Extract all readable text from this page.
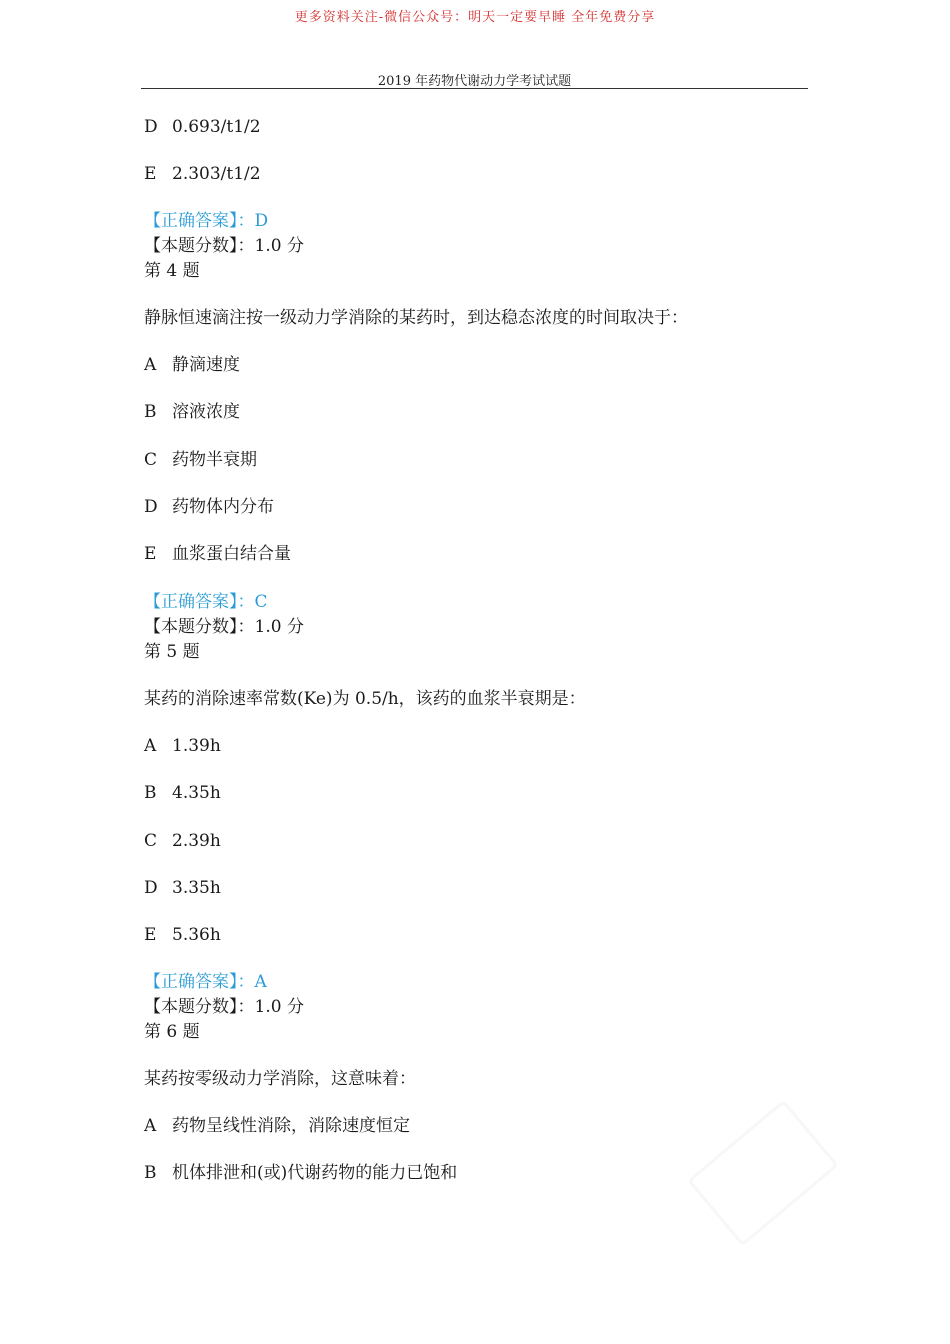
更多资料关注-微信公众号：明天一定要早睡 全年免费分享
2019 年药物代谢动力学考试试题
D 0.693/t1/2
E 2.303/t1/2
【正确答案】：D
【本题分数】：1.0 分
第 4 题
静脉恒速滴注按一级动力学消除的某药时，到达稳态浓度的时间取决于：
A 静滴速度
B 溶液浓度
C 药物半衰期
D 药物体内分布
E 血浆蛋白结合量
【正确答案】：C
【本题分数】：1.0 分
第 5 题
某药的消除速率常数(Ke)为 0.5/h，该药的血浆半衰期是：
A 1.39h
B 4.35h
C 2.39h
D 3.35h
E 5.36h
【正确答案】：A
【本题分数】：1.0 分
第 6 题
某药按零级动力学消除，这意味着：
A 药物呈线性消除，消除速度恒定
B 机体排泄和(或)代谢药物的能力已饱和
